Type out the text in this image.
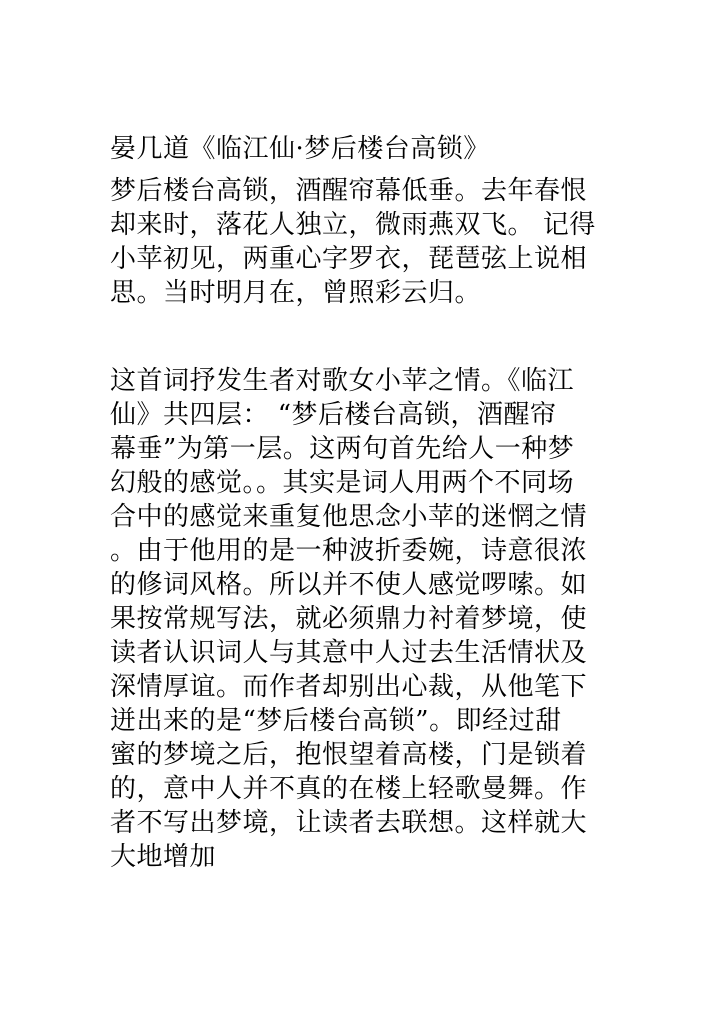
晏几道《临江仙·梦后楼台高锁》

梦后楼台高锁，酒醒帘幕低垂。去年春恨

却来时，落花人独立，微雨燕双飞。 记得

小苹初见，两重心字罗衣，琵琶弦上说相

思。当时明月在，曾照彩云归。

这首词抒发生者对歌女小苹之情。《临江

仙》共四层： “梦后楼台高锁，酒醒帘

幕垂”为第一层。这两句首先给人一种梦

幻般的感觉。。其实是词人用两个不同场

合中的感觉来重复他思念小苹的迷惘之情

。由于他用的是一种波折委婉，诗意很浓

的修词风格。所以并不使人感觉啰嗦。如

果按常规写法，就必须鼎力衬着梦境，使

读者认识词人与其意中人过去生活情状及

深情厚谊。而作者却别出心裁，从他笔下

迸出来的是“梦后楼台高锁”。即经过甜

蜜的梦境之后，抱恨望着高楼，门是锁着

的，意中人并不真的在楼上轻歌曼舞。作

者不写出梦境，让读者去联想。这样就大

大地增加
